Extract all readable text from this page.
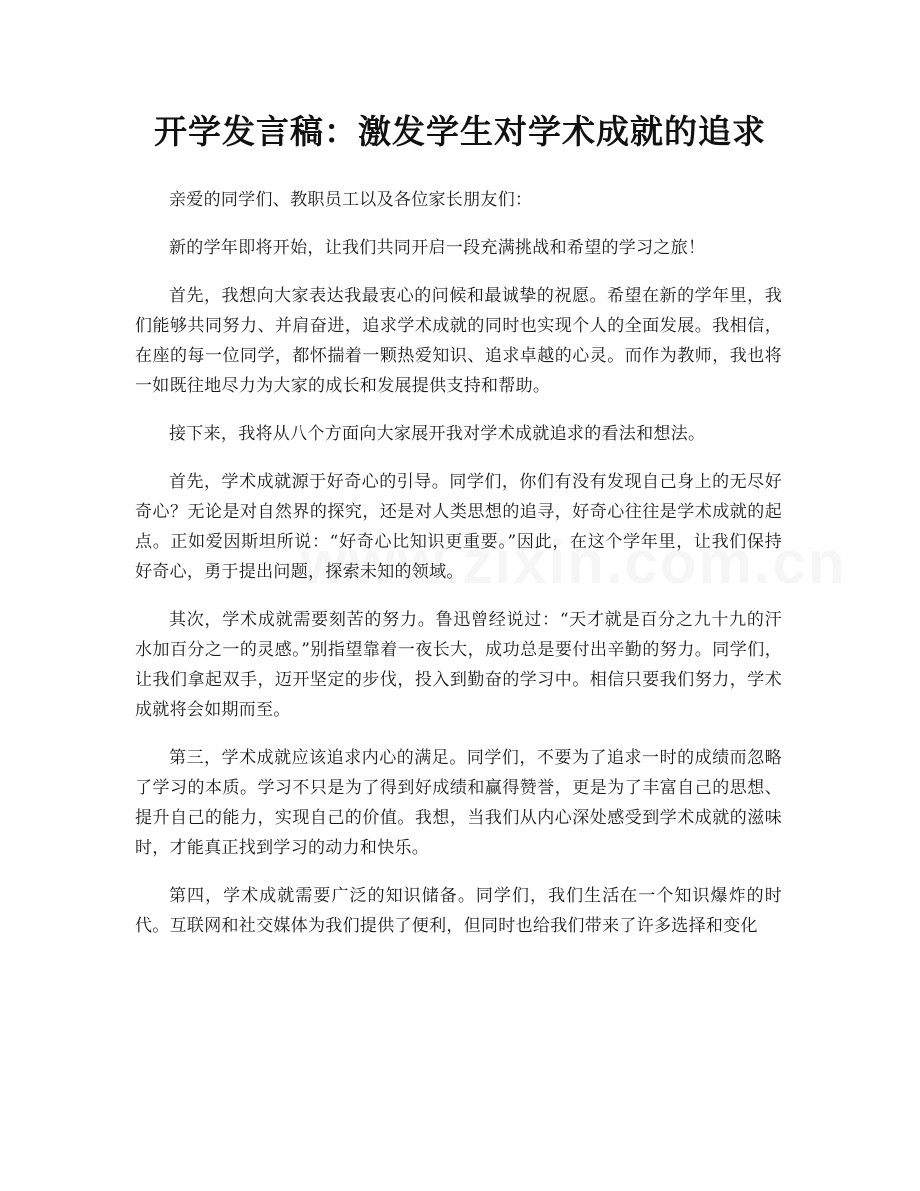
开学发言稿：激发学生对学术成就的追求

亲爱的同学们、教职员工以及各位家长朋友们：

新的学年即将开始，让我们共同开启一段充满挑战和希望的学习之旅！

首先，我想向大家表达我最衷心的问候和最诚挚的祝愿。希望在新的学年里，我们能够共同努力、并肩奋进，追求学术成就的同时也实现个人的全面发展。我相信，在座的每一位同学，都怀揣着一颗热爱知识、追求卓越的心灵。而作为教师，我也将一如既往地尽力为大家的成长和发展提供支持和帮助。

接下来，我将从八个方面向大家展开我对学术成就追求的看法和想法。

首先，学术成就源于好奇心的引导。同学们，你们有没有发现自己身上的无尽好奇心？无论是对自然界的探究，还是对人类思想的追寻，好奇心往往是学术成就的起点。正如爱因斯坦所说：“好奇心比知识更重要。”因此，在这个学年里，让我们保持好奇心，勇于提出问题，探索未知的领域。

其次，学术成就需要刻苦的努力。鲁迅曾经说过：“天才就是百分之九十九的汗水加百分之一的灵感。”别指望靠着一夜长大，成功总是要付出辛勤的努力。同学们，让我们拿起双手，迈开坚定的步伐，投入到勤奋的学习中。相信只要我们努力，学术成就将会如期而至。

第三，学术成就应该追求内心的满足。同学们，不要为了追求一时的成绩而忽略了学习的本质。学习不只是为了得到好成绩和赢得赞誉，更是为了丰富自己的思想、提升自己的能力，实现自己的价值。我想，当我们从内心深处感受到学术成就的滋味时，才能真正找到学习的动力和快乐。

第四，学术成就需要广泛的知识储备。同学们，我们生活在一个知识爆炸的时代。互联网和社交媒体为我们提供了便利，但同时也给我们带来了许多选择和变化
